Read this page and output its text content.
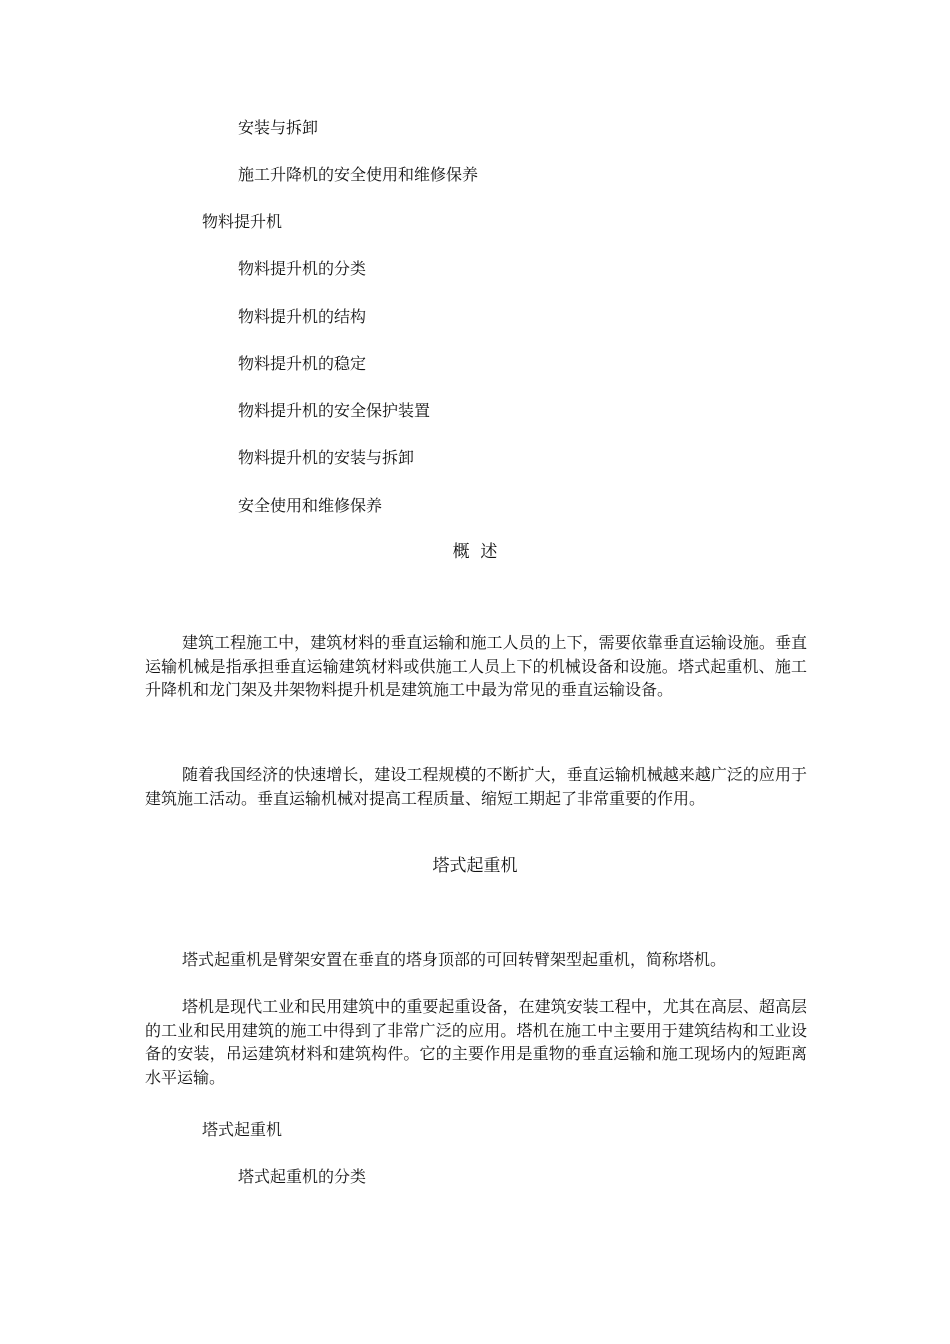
安装与拆卸
施工升降机的安全使用和维修保养
物料提升机
物料提升机的分类
物料提升机的结构
物料提升机的稳定
物料提升机的安全保护装置
物料提升机的安装与拆卸
安全使用和维修保养
概  述

建筑工程施工中，建筑材料的垂直运输和施工人员的上下，需要依靠垂直运输设施。垂直运输机械是指承担垂直运输建筑材料或供施工人员上下的机械设备和设施。塔式起重机、施工升降机和龙门架及井架物料提升机是建筑施工中最为常见的垂直运输设备。

随着我国经济的快速增长，建设工程规模的不断扩大，垂直运输机械越来越广泛的应用于建筑施工活动。垂直运输机械对提高工程质量、缩短工期起了非常重要的作用。

塔式起重机

塔式起重机是臂架安置在垂直的塔身顶部的可回转臂架型起重机，简称塔机。

塔机是现代工业和民用建筑中的重要起重设备，在建筑安装工程中，尤其在高层、超高层的工业和民用建筑的施工中得到了非常广泛的应用。塔机在施工中主要用于建筑结构和工业设备的安装，吊运建筑材料和建筑构件。它的主要作用是重物的垂直运输和施工现场内的短距离水平运输。

塔式起重机
塔式起重机的分类
